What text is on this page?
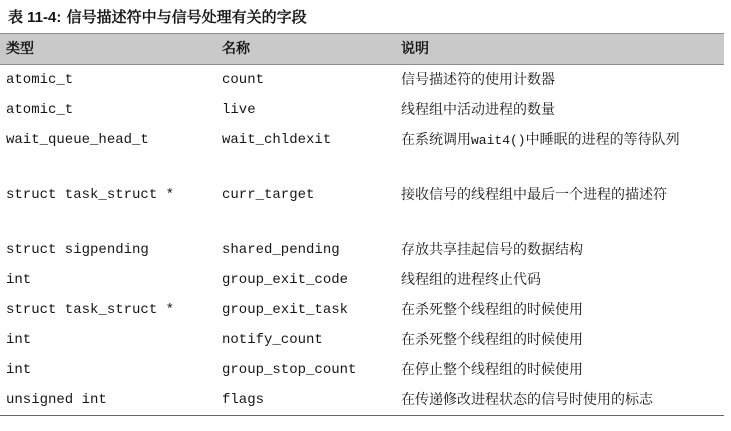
表 11-4: 信号描述符中与信号处理有关的字段
类型	名称	说明
atomic_t	count	信号描述符的使用计数器
atomic_t	live	线程组中活动进程的数量
wait_queue_head_t	wait_chldexit	在系统调用wait4()中睡眠的进程的等待队列
struct task_struct *	curr_target	接收信号的线程组中最后一个进程的描述符
struct sigpending	shared_pending	存放共享挂起信号的数据结构
int	group_exit_code	线程组的进程终止代码
struct task_struct *	group_exit_task	在杀死整个线程组的时候使用
int	notify_count	在杀死整个线程组的时候使用
int	group_stop_count	在停止整个线程组的时候使用
unsigned int	flags	在传递修改进程状态的信号时使用的标志
